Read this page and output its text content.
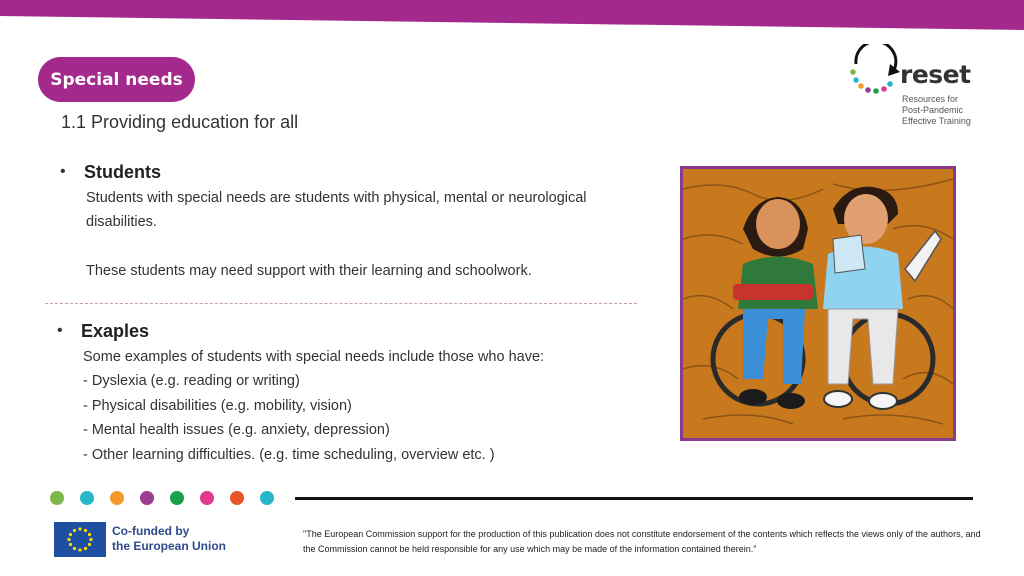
Special needs
1.1 Providing education for all
reset
Resources for
Post-Pandemic
Effective Training
•	Students

Students with special needs are students with physical, mental or neurological disabilities.

These students may need support with their learning and schoolwork.

•	Exaples

Some examples of students with special needs include those who have:

- Dyslexia (e.g. reading or writing)

- Physical disabilities (e.g. mobility, vision)

- Mental health issues (e.g. anxiety, depression)

- Other learning difficulties. (e.g. time scheduling, overview etc. )

Co-funded by
the European Union
"The European Commission support for the production of this publication does not constitute endorsement of the contents which reflects the views only of the authors, and the Commission cannot be held responsible for any use which may be made of the information contained therein."
